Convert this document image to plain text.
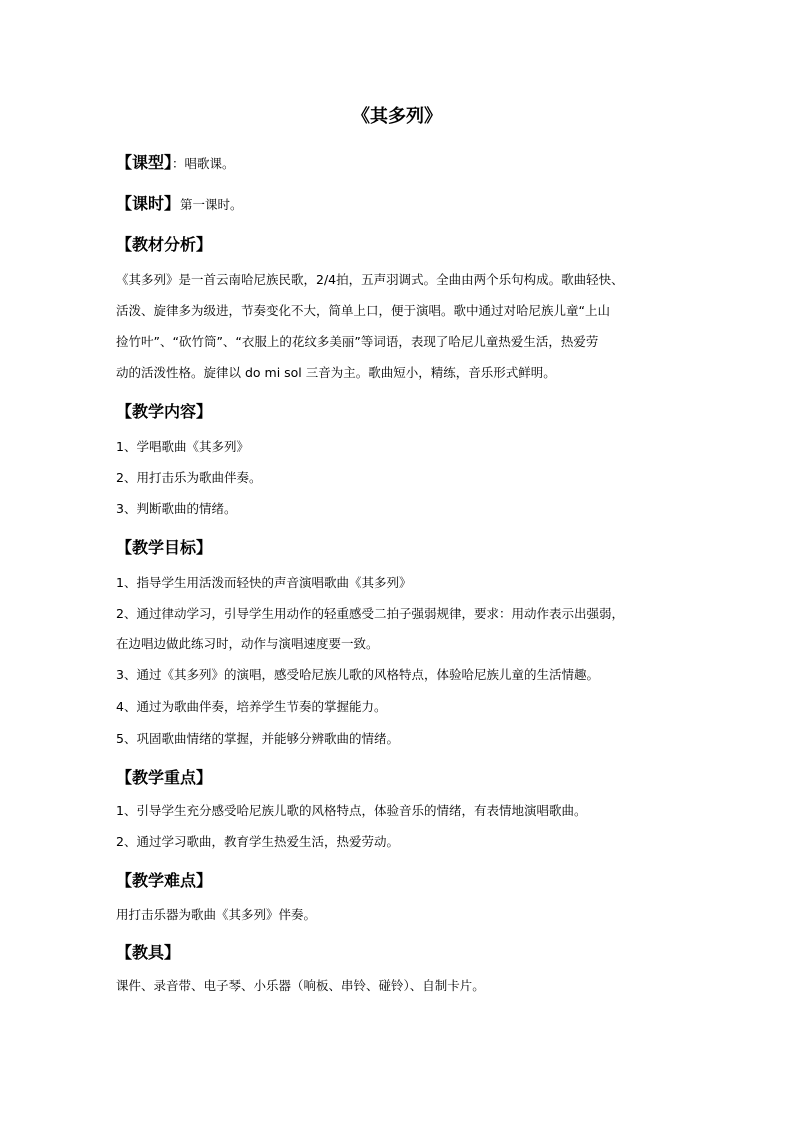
《其多列》
【课型】：唱歌课。
【课时】第一课时。
【教材分析】
《其多列》是一首云南哈尼族民歌，2/4拍，五声羽调式。全曲由两个乐句构成。歌曲轻快、
活泼、旋律多为级进，节奏变化不大，简单上口，便于演唱。歌中通过对哈尼族儿童“上山
捡竹叶”、“砍竹筒”、“衣服上的花纹多美丽”等词语，表现了哈尼儿童热爱生活，热爱劳
动的活泼性格。旋律以 do mi sol 三音为主。歌曲短小，精练，音乐形式鲜明。
【教学内容】
1、学唱歌曲《其多列》
2、用打击乐为歌曲伴奏。
3、判断歌曲的情绪。
【教学目标】
1、指导学生用活泼而轻快的声音演唱歌曲《其多列》
2、通过律动学习，引导学生用动作的轻重感受二拍子强弱规律，要求：用动作表示出强弱，
在边唱边做此练习时，动作与演唱速度要一致。
3、通过《其多列》的演唱，感受哈尼族儿歌的风格特点，体验哈尼族儿童的生活情趣。
4、通过为歌曲伴奏，培养学生节奏的掌握能力。
5、巩固歌曲情绪的掌握，并能够分辨歌曲的情绪。
【教学重点】
1、引导学生充分感受哈尼族儿歌的风格特点，体验音乐的情绪，有表情地演唱歌曲。
2、通过学习歌曲，教育学生热爱生活，热爱劳动。
【教学难点】
用打击乐器为歌曲《其多列》伴奏。
【教具】
课件、录音带、电子琴、小乐器（响板、串铃、碰铃）、自制卡片。
